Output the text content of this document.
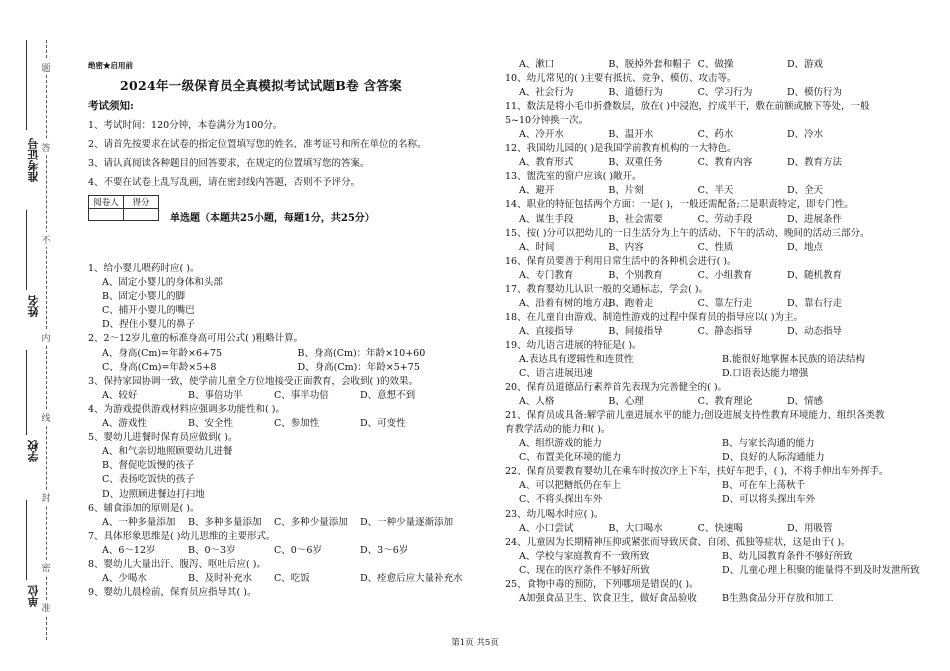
准考证号
姓名
学校
单位
题
答
不
内
线
封
密
准
绝密★启用前
2024年一级保育员全真模拟考试试题B卷 含答案
考试须知:
1、考试时间：120分钟，本卷满分为100分。
2、请首先按要求在试卷的指定位置填写您的姓名、准考证号和所在单位的名称。
3、请认真阅读各种题目的回答要求，在规定的位置填写您的答案。
4、不要在试卷上乱写乱画，请在密封线内答题，否则不予评分。
阅卷人	得分

单选题（本题共25小题，每题1分，共25分）
1、给小婴儿喂药时应( )。
A、固定小婴儿的身体和头部
B、固定小婴儿的脚
C、捕开小婴儿的嘴巴
D、捏住小婴儿的鼻子
2、2～12岁儿童的标准身高可用公式( )粗略计算。
A、身高(Cm)=年龄×6+75	B、身高(Cm)：年龄×10+60
C、身高(Cm)=年龄×5+8	D、身高(Cm)：年龄×5+75
3、保持家园协调一致，使学前儿童全方位地接受正面教育，会收到( )的效果。
A、较好	B、事倍功半	C、事半功倍	D、意想不到
4、为游戏提供游戏材料应强调多功能性和( )。
A、游戏性	B、安全性	C、参加性	D、可变性
5、婴幼儿进餐时保育员应做到( )。
A、和气亲切地照顾要幼儿进餐
B、督促吃饭慢的孩子
C、表扬吃饭快的孩子
D、边照顾进餐边打扫地
6、辅食添加的原则是( )。
A、一种多量添加	B、多种多量添加	C、多种少量添加	D、一种少量逐渐添加
7、具体形象思维是( )幼儿思维的主要形式。
A、6～12岁	B、0～3岁	C、0～6岁	D、3～6岁
8、婴幼儿大量出汗、腹泻、呕吐后应( )。
A、少喝水	B、及时补充水	C、吃饭	D、痊愈后应大量补充水
9、婴幼儿晨检前，保育员应指导其( )。
A、漱口	B、脱掉外套和帽子 C、做操	D、游戏
10、幼儿常见的( )主要有抵抗、竞争、模仿、攻击等。
A、社会行为	B、道德行为	C、学习行为	D、模仿行为
11、数法是将小毛巾折叠数层，放在( )中浸泡，拧成半干，敷在前额或腋下等处，一般
5~10分钟换一次。
A、冷开水	B、温开水	C、药水	D、冷水
12、我国幼儿园的( )是我国学前教育机构的一大特色。
A、教育形式	B、双重任务	C、教育内容	D、教育方法
13、盥洗室的窗户应该( )敞开。
A、避开	B、片刻	C、半天	D、全天
14、职业的特征包括两个方面：一是( )，一般还需配备;二是职责特定，即专门性。
A、谋生手段	B、社会需要	C、劳动手段	D、进展条件
15、按( )分可以把幼儿的一日生活分为上午的活动、下午的活动、晚间的活动三部分。
A、时间	B、内容	C、性质	D、地点
16、保育员要善于利用日常生活中的各种机会进行( )。
A、专门教育	B、个别教育	C、小组教育	D、随机教育
17、教育婴幼儿认识一般的交通标志，学会( )。
A、沿着有树的地方走
B、跑着走	C、靠左行走	D、靠右行走
18、在儿童自由游戏、制造性游戏的过程中保育员的指导应以( )为主。
A、直接指导	B、间接指导	C、静态指导	D、动态指导
19、幼儿语言进展的特征是( )。
A.表达具有逻辑性和连贯性	B.能很好地掌握本民族的语法结构
C、语言进展迅速	D.口语表达能力增强
20、保育员道德品行素养首先表现为完善健全的( )。
A、人格	B、心理	C、教育理论	D、情感
21、保育员成具备:解学前儿童进展水平的能力;创设进展支持性教育环境能力、组织各类教
育教学活动的能力和( )。
A、组织游戏的能力	B、与家长沟通的能力
C、布置美化环境的能力	D、良好的人际沟通能力
22、保育员要教育婴幼儿在乘车时按次序上下车，扶好车把手，( )，不将手伸出车外挥手。
A、可以把糖纸仍在车上	B、可在车上荡秋千
C、不将头探出车外	D、可以将头探出车外
23、幼儿喝水时应( )。
A、小口尝试	B、大口喝水	C、快速喝	D、用吸管
24、儿童因为长期精神压抑或紧张而导致厌食、自闭、孤独等症状，这是由于( )。
A、学校与家庭教育不一致所致	B、幼儿园教育条件不够好所致
C、现在的医疗条件不够好所致	D、儿童心理上积聚的能量得不到及时发泄所致
25、食物中毒的预防，下列哪项是错误的( )。
A加强食品卫生、饮食卫生，做好食品验收	B生熟食品分开存放和加工
第1页 共5页
